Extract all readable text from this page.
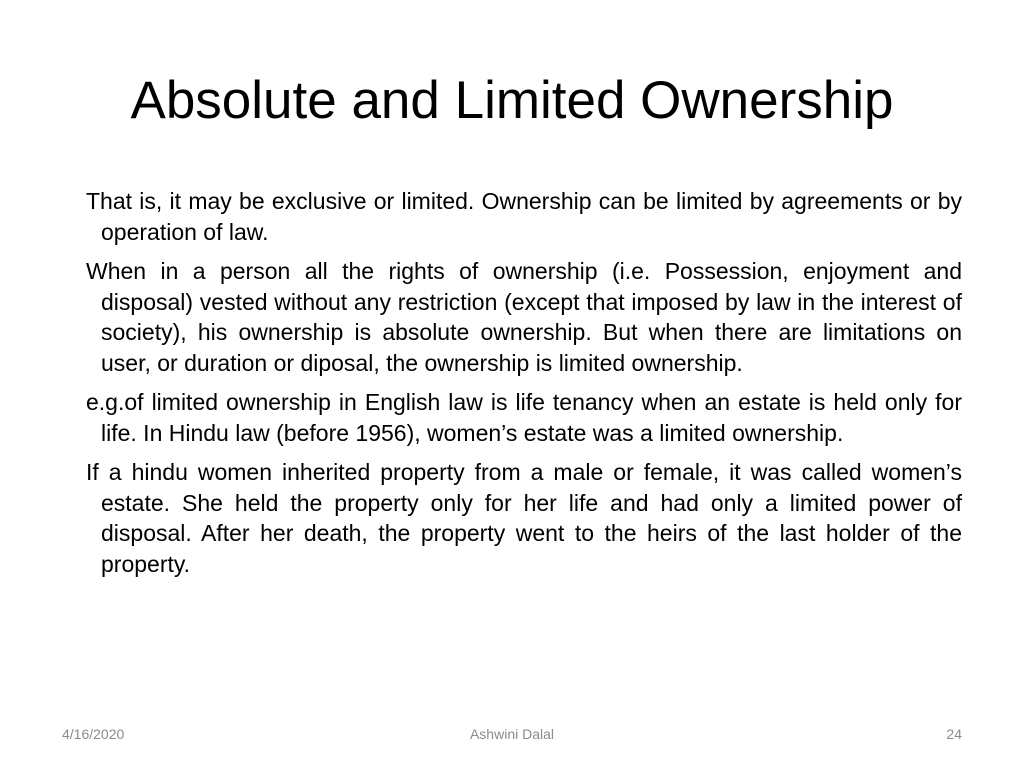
Absolute and Limited Ownership

That is, it may be exclusive or limited. Ownership can be limited by agreements or by operation of law.

When in a person all the rights of ownership (i.e. Possession, enjoyment and disposal) vested without any restriction (except that imposed by law in the interest of society), his ownership is absolute ownership. But when there are limitations on user, or duration or diposal, the ownership is limited ownership.

e.g.of limited ownership in English law is life tenancy when an estate is held only for life. In Hindu law (before 1956), women’s estate was a limited ownership.

If a hindu women inherited property from a male or female, it was called women’s estate. She held the property only for her life and had only a limited power of disposal. After her death, the property went to the heirs of the last holder of the property.

Ashwini Dalal
4/16/2020	24
